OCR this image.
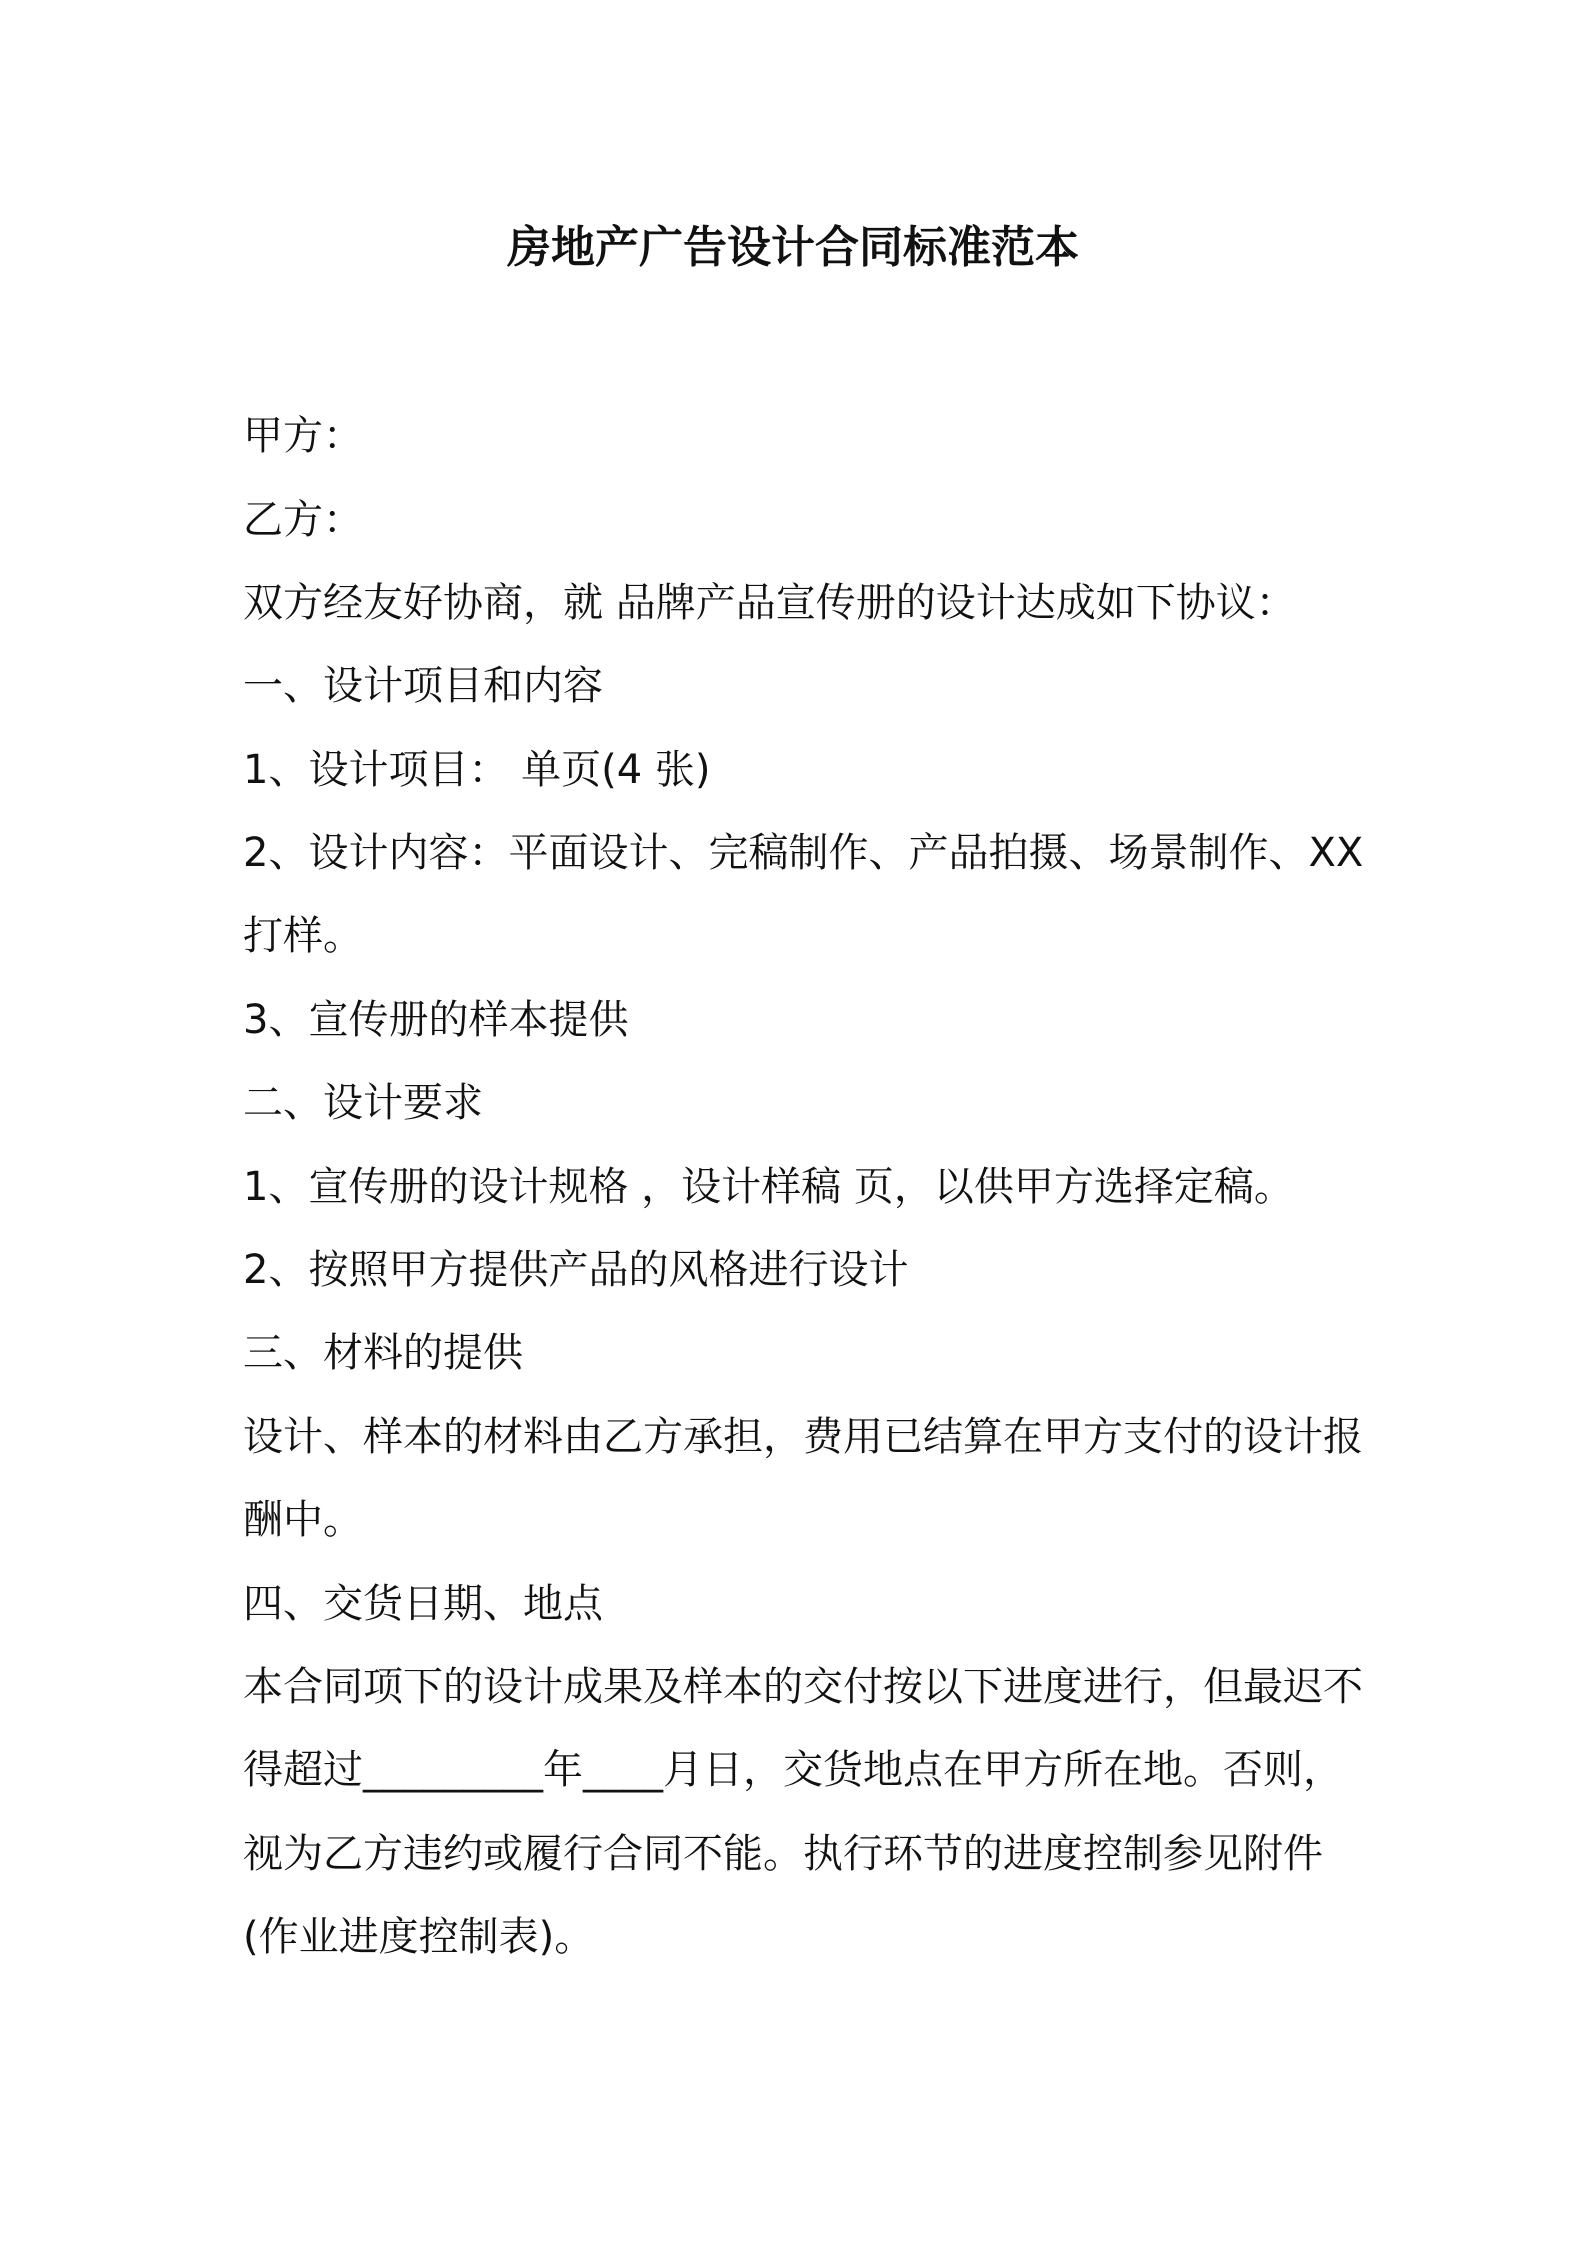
房地产广告设计合同标准范本

甲方：

乙方：

双方经友好协商，就 品牌产品宣传册的设计达成如下协议：

一、设计项目和内容

1、设计项目： 单页(4 张)

2、设计内容：平面设计、完稿制作、产品拍摄、场景制作、XX

打样。

3、宣传册的样本提供

二、设计要求

1、宣传册的设计规格 ，设计样稿 页，以供甲方选择定稿。

2、按照甲方提供产品的风格进行设计

三、材料的提供

设计、样本的材料由乙方承担，费用已结算在甲方支付的设计报

酬中。

四、交货日期、地点

本合同项下的设计成果及样本的交付按以下进度进行，但最迟不

得超过_________年____月日，交货地点在甲方所在地。否则，

视为乙方违约或履行合同不能。执行环节的进度控制参见附件

(作业进度控制表)。
